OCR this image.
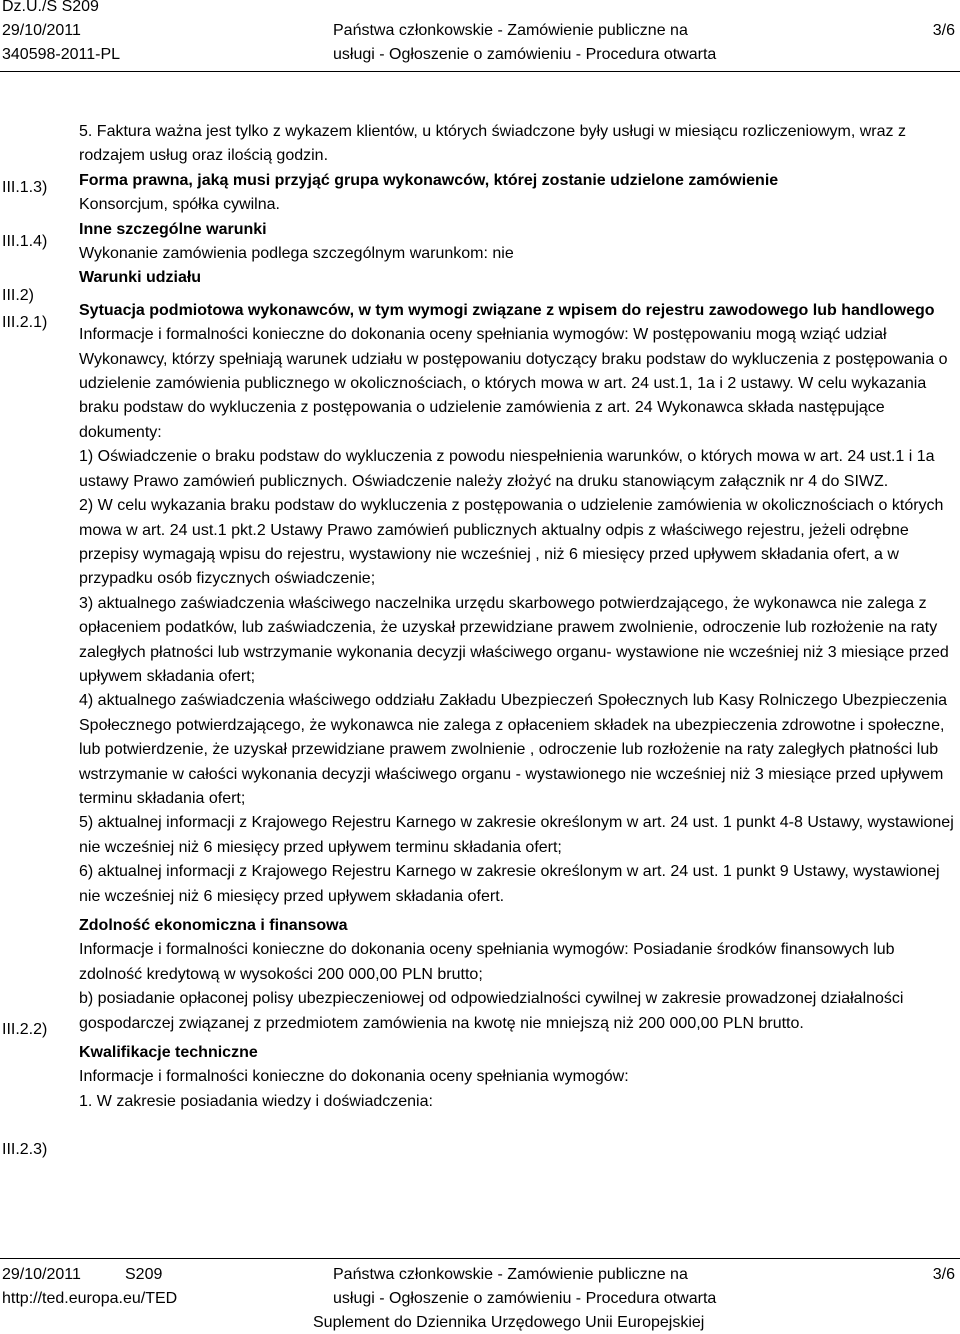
Dz.U./S S209
29/10/2011
340598-2011-PL
Państwa członkowskie - Zamówienie publiczne na
usługi - Ogłoszenie o zamówieniu - Procedura otwarta
3/6
III.1.3)
III.1.4)
III.2)
III.2.1)
III.2.2)
III.2.3)

5. Faktura ważna jest tylko z wykazem klientów, u których świadczone były usługi w miesiącu rozliczeniowym, wraz z rodzajem usług oraz ilością godzin.

Forma prawna, jaką musi przyjąć grupa wykonawców, której zostanie udzielone zamówienie

Konsorcjum, spółka cywilna.

Inne szczególne warunki

Wykonanie zamówienia podlega szczególnym warunkom: nie

Warunki udziału

Sytuacja podmiotowa wykonawców, w tym wymogi związane z wpisem do rejestru zawodowego lub handlowego

Informacje i formalności konieczne do dokonania oceny spełniania wymogów: W postępowaniu mogą wziąć udział Wykonawcy, którzy spełniają warunek udziału w postępowaniu dotyczący braku podstaw do wykluczenia z postępowania o udzielenie zamówienia publicznego w okolicznościach, o których mowa w art. 24 ust.1, 1a i 2 ustawy. W celu wykazania braku podstaw do wykluczenia z postępowania o udzielenie zamówienia z art. 24 Wykonawca składa następujące dokumenty:

1) Oświadczenie o braku podstaw do wykluczenia z powodu niespełnienia warunków, o których mowa w art. 24 ust.1 i 1a ustawy Prawo zamówień publicznych. Oświadczenie należy złożyć na druku stanowiącym załącznik nr 4 do SIWZ.

2) W celu wykazania braku podstaw do wykluczenia z postępowania o udzielenie zamówienia w okolicznościach o których mowa w art. 24 ust.1 pkt.2 Ustawy Prawo zamówień publicznych aktualny odpis z właściwego rejestru, jeżeli odrębne przepisy wymagają wpisu do rejestru, wystawiony nie wcześniej , niż 6 miesięcy przed upływem składania ofert, a w przypadku osób fizycznych oświadczenie;

3) aktualnego zaświadczenia właściwego naczelnika urzędu skarbowego potwierdzającego, że wykonawca nie zalega z opłaceniem podatków, lub zaświadczenia, że uzyskał przewidziane prawem zwolnienie, odroczenie lub rozłożenie na raty zaległych płatności lub wstrzymanie wykonania decyzji właściwego organu- wystawione nie wcześniej niż 3 miesiące przed upływem składania ofert;

4) aktualnego zaświadczenia właściwego oddziału Zakładu Ubezpieczeń Społecznych lub Kasy Rolniczego Ubezpieczenia Społecznego potwierdzającego, że wykonawca nie zalega z opłaceniem składek na ubezpieczenia zdrowotne i społeczne, lub potwierdzenie, że uzyskał przewidziane prawem zwolnienie , odroczenie lub rozłożenie na raty zaległych płatności lub wstrzymanie w całości wykonania decyzji właściwego organu - wystawionego nie wcześniej niż 3 miesiące przed upływem terminu składania ofert;

5) aktualnej informacji z Krajowego Rejestru Karnego w zakresie określonym w art. 24 ust. 1 punkt 4-8 Ustawy, wystawionej nie wcześniej niż 6 miesięcy przed upływem terminu składania ofert;

6) aktualnej informacji z Krajowego Rejestru Karnego w zakresie określonym w art. 24 ust. 1 punkt 9 Ustawy, wystawionej nie wcześniej niż 6 miesięcy przed upływem składania ofert.

Zdolność ekonomiczna i finansowa

Informacje i formalności konieczne do dokonania oceny spełniania wymogów: Posiadanie środków finansowych lub zdolność kredytową w wysokości 200 000,00 PLN brutto;

b) posiadanie opłaconej polisy ubezpieczeniowej od odpowiedzialności cywilnej w zakresie prowadzonej działalności gospodarczej związanej z przedmiotem zamówienia na kwotę nie mniejszą niż 200 000,00 PLN brutto.

Kwalifikacje techniczne

Informacje i formalności konieczne do dokonania oceny spełniania wymogów:

1. W zakresie posiadania wiedzy i doświadczenia:

29/10/2011	S209
http://ted.europa.eu/TED
Państwa członkowskie - Zamówienie publiczne na
usługi - Ogłoszenie o zamówieniu - Procedura otwarta
Suplement do Dziennika Urzędowego Unii Europejskiej
3/6
